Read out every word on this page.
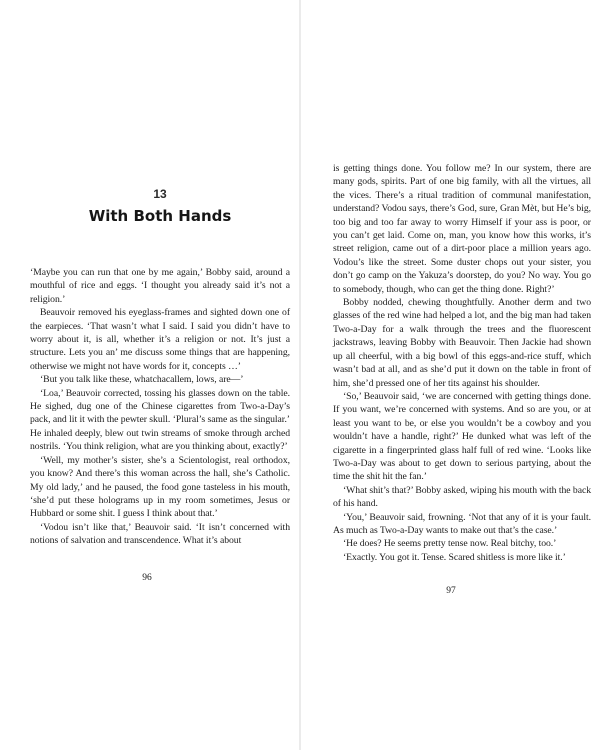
13
With Both Hands

‘Maybe you can run that one by me again,’ Bobby said, around a mouthful of rice and eggs. ‘I thought you already said it’s not a religion.’

Beauvoir removed his eyeglass-frames and sighted down one of the earpieces. ‘That wasn’t what I said. I said you didn’t have to worry about it, is all, whether it’s a religion or not. It’s just a structure. Lets you an’ me discuss some things that are happening, otherwise we might not have words for it, concepts …’

‘But you talk like these, whatchacallem, lows, are—’

‘Loa,’ Beauvoir corrected, tossing his glasses down on the table. He sighed, dug one of the Chinese cigarettes from Two-a-Day’s pack, and lit it with the pewter skull. ‘Plural’s same as the singular.’ He inhaled deeply, blew out twin streams of smoke through arched nostrils. ‘You think religion, what are you thinking about, exactly?’

‘Well, my mother’s sister, she’s a Scientologist, real orthodox, you know? And there’s this woman across the hall, she’s Catholic. My old lady,’ and he paused, the food gone tasteless in his mouth, ‘she’d put these holograms up in my room sometimes, Jesus or Hubbard or some shit. I guess I think about that.’

‘Vodou isn’t like that,’ Beauvoir said. ‘It isn’t concerned with notions of salvation and transcendence. What it’s about

96

is getting things done. You follow me? In our system, there are many gods, spirits. Part of one big family, with all the virtues, all the vices. There’s a ritual tradition of communal manifestation, understand? Vodou says, there’s God, sure, Gran Mèt, but He’s big, too big and too far away to worry Himself if your ass is poor, or you can’t get laid. Come on, man, you know how this works, it’s street religion, came out of a dirt-poor place a million years ago. Vodou’s like the street. Some duster chops out your sister, you don’t go camp on the Yakuza’s doorstep, do you? No way. You go to somebody, though, who can get the thing done. Right?’

Bobby nodded, chewing thoughtfully. Another derm and two glasses of the red wine had helped a lot, and the big man had taken Two-a-Day for a walk through the trees and the fluorescent jackstraws, leaving Bobby with Beauvoir. Then Jackie had shown up all cheerful, with a big bowl of this eggs-and-rice stuff, which wasn’t bad at all, and as she’d put it down on the table in front of him, she’d pressed one of her tits against his shoulder.

‘So,’ Beauvoir said, ‘we are concerned with getting things done. If you want, we’re concerned with systems. And so are you, or at least you want to be, or else you wouldn’t be a cowboy and you wouldn’t have a handle, right?’ He dunked what was left of the cigarette in a fingerprinted glass half full of red wine. ‘Looks like Two-a-Day was about to get down to serious partying, about the time the shit hit the fan.’

‘What shit’s that?’ Bobby asked, wiping his mouth with the back of his hand.

‘You,’ Beauvoir said, frowning. ‘Not that any of it is your fault. As much as Two-a-Day wants to make out that’s the case.’

‘He does? He seems pretty tense now. Real bitchy, too.’

‘Exactly. You got it. Tense. Scared shitless is more like it.’

97
